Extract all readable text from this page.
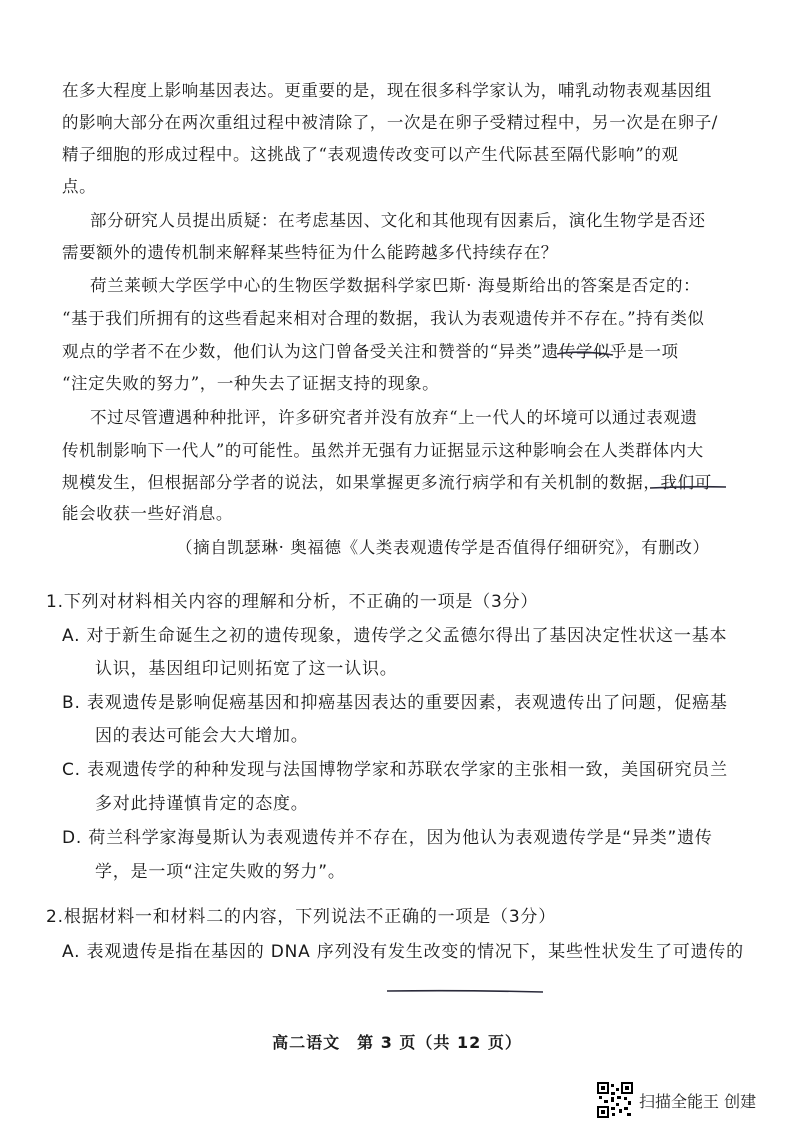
在多大程度上影响基因表达。更重要的是，现在很多科学家认为，哺乳动物表观基因组
的影响大部分在两次重组过程中被清除了，一次是在卵子受精过程中，另一次是在卵子/
精子细胞的形成过程中。这挑战了“表观遗传改变可以产生代际甚至隔代影响”的观
点。
部分研究人员提出质疑：在考虑基因、文化和其他现有因素后，演化生物学是否还
需要额外的遗传机制来解释某些特征为什么能跨越多代持续存在？
荷兰莱顿大学医学中心的生物医学数据科学家巴斯· 海曼斯给出的答案是否定的：
“基于我们所拥有的这些看起来相对合理的数据，我认为表观遗传并不存在。”持有类似
观点的学者不在少数，他们认为这门曾备受关注和赞誉的“异类”遗传学似乎是一项
“注定失败的努力”，一种失去了证据支持的现象。
不过尽管遭遇种种批评，许多研究者并没有放弃“上一代人的坏境可以通过表观遗
传机制影响下一代人”的可能性。虽然并无强有力证据显示这种影响会在人类群体内大
规模发生，但根据部分学者的说法，如果掌握更多流行病学和有关机制的数据，我们可
能会收获一些好消息。
（摘自凯瑟琳· 奥福德《人类表观遗传学是否值得仔细研究》，有删改）
1.下列对材料相关内容的理解和分析，不正确的一项是（3分）
A. 对于新生命诞生之初的遗传现象，遗传学之父孟德尔得出了基因决定性状这一基本
认识，基因组印记则拓宽了这一认识。
B. 表观遗传是影响促癌基因和抑癌基因表达的重要因素，表观遗传出了问题，促癌基
因的表达可能会大大增加。
C. 表观遗传学的种种发现与法国博物学家和苏联农学家的主张相一致，美国研究员兰
多对此持谨慎肯定的态度。
D. 荷兰科学家海曼斯认为表观遗传并不存在，因为他认为表观遗传学是“异类”遗传
学，是一项“注定失败的努力”。
2.根据材料一和材料二的内容，下列说法不正确的一项是（3分）
A. 表观遗传是指在基因的 DNA 序列没有发生改变的情况下，某些性状发生了可遗传的
高二语文　第 3 页（共 12 页）
扫描全能王 创建
